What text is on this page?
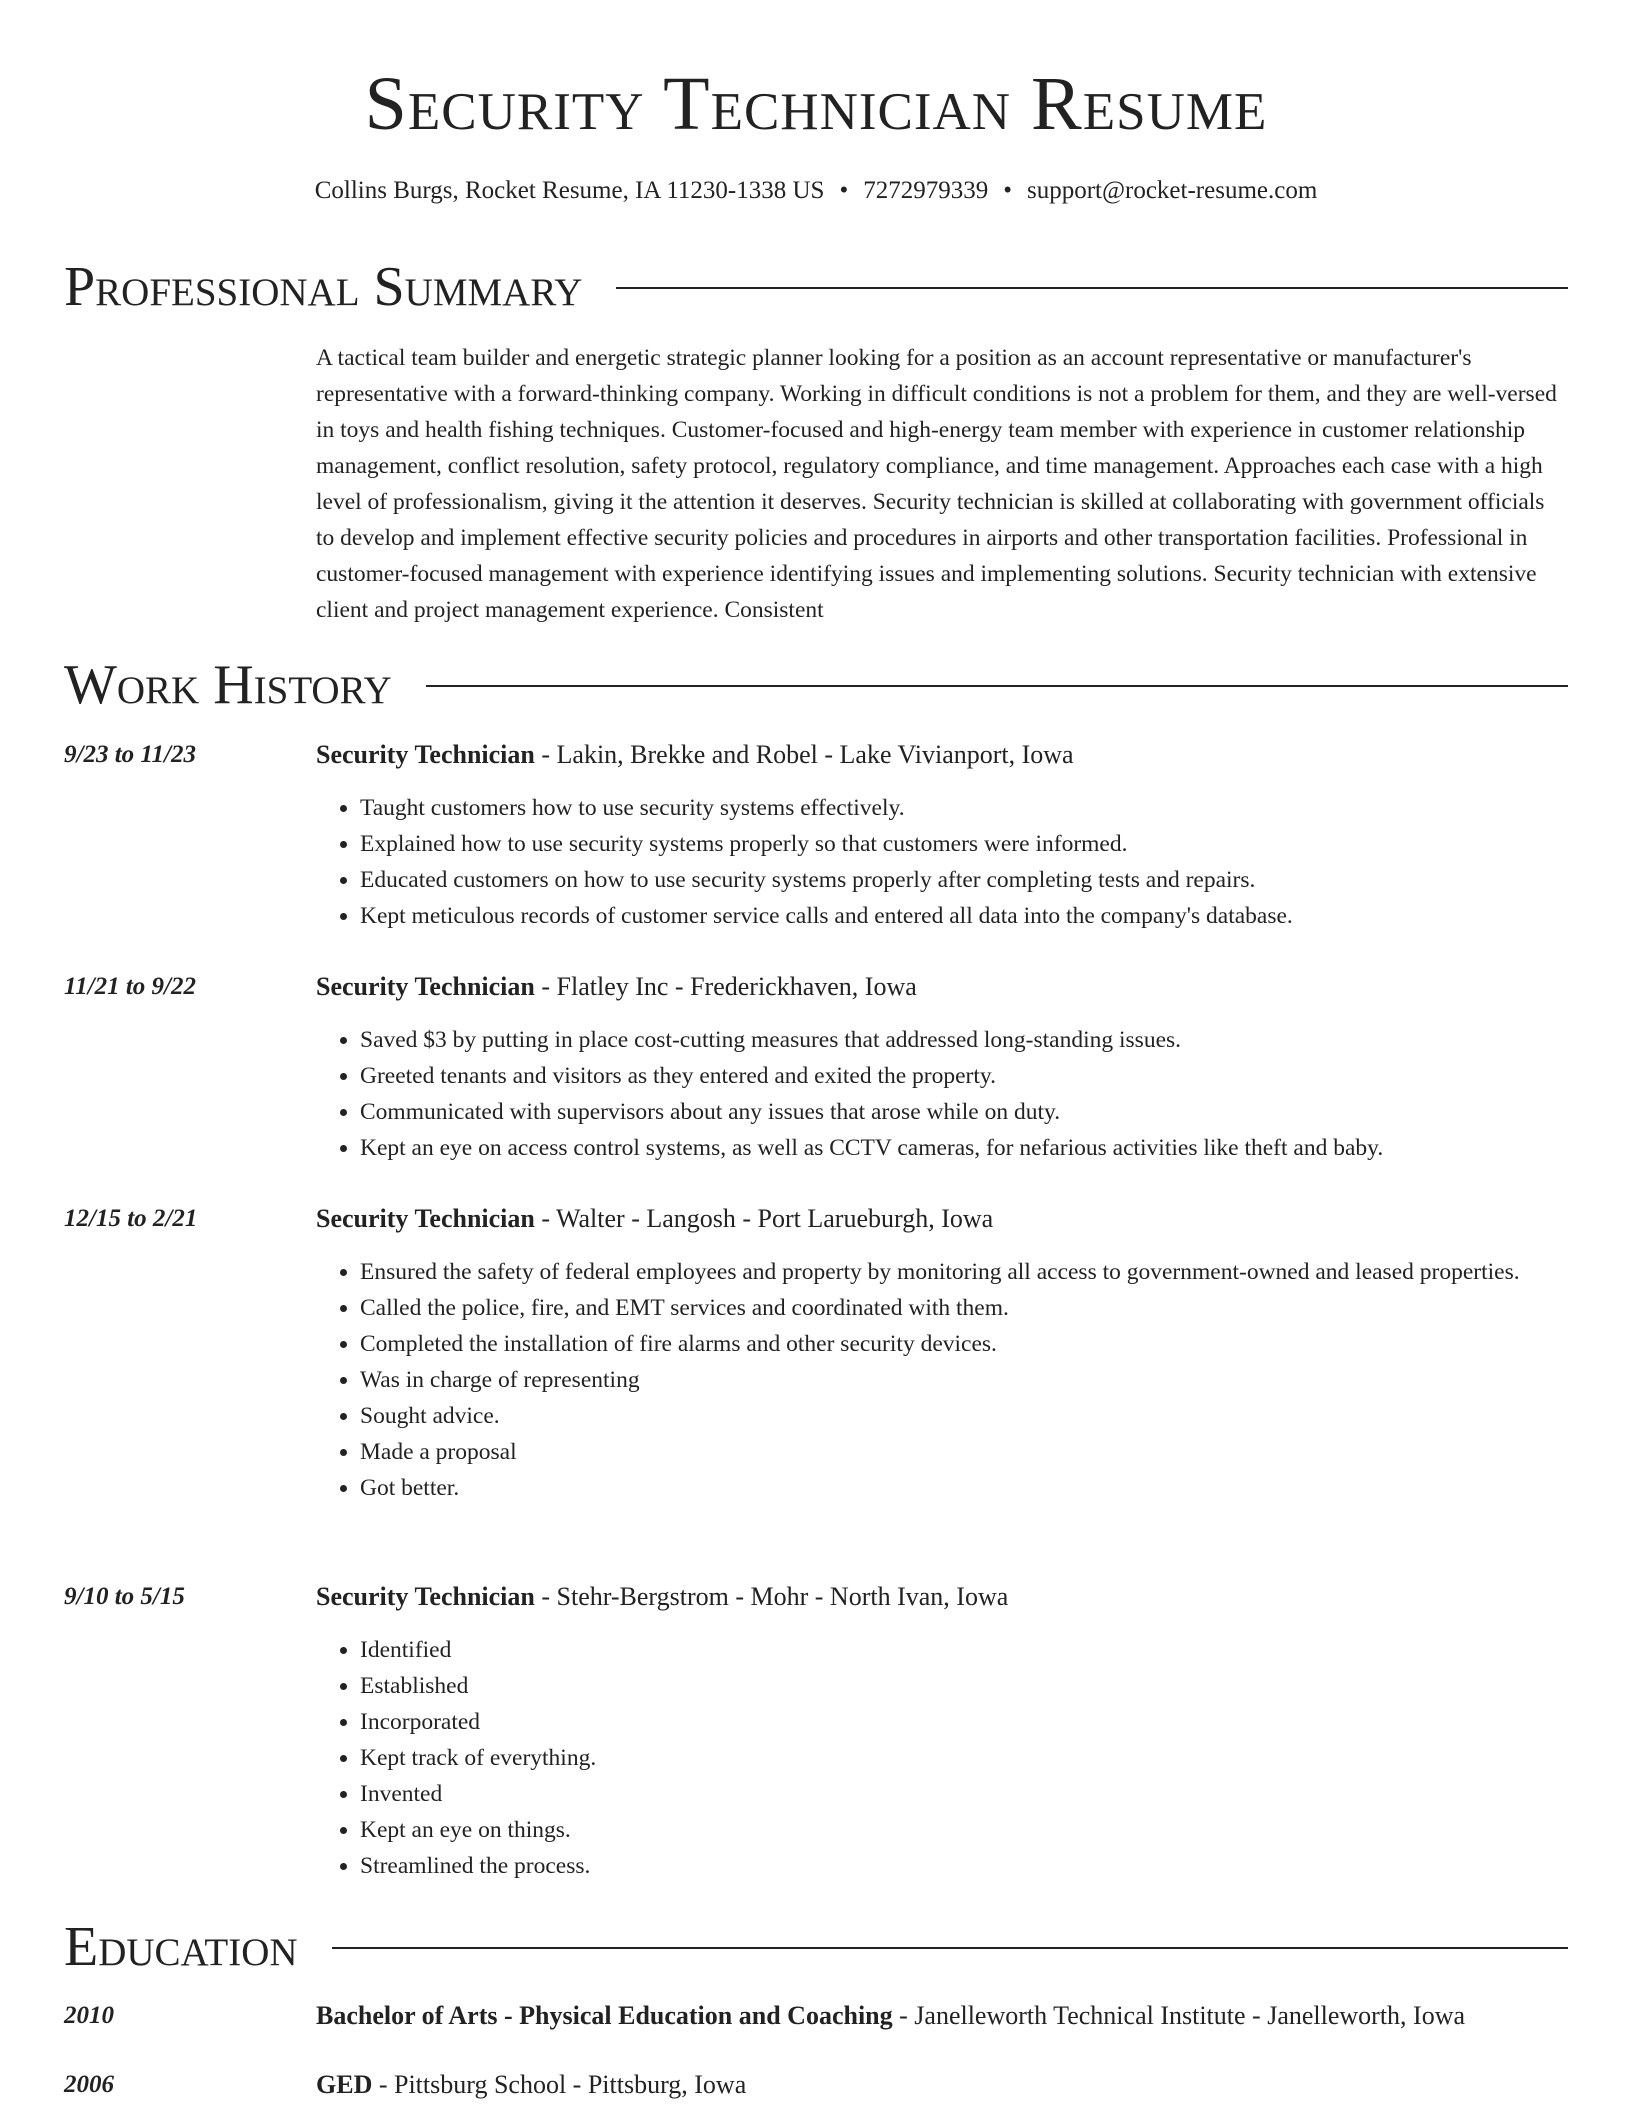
Security Technician Resume
Collins Burgs, Rocket Resume, IA 11230-1338 US • 7272979339 • support@rocket-resume.com
Professional Summary

A tactical team builder and energetic strategic planner looking for a position as an account representative or manufacturer's representative with a forward-thinking company. Working in difficult conditions is not a problem for them, and they are well-versed in toys and health fishing techniques. Customer-focused and high-energy team member with experience in customer relationship management, conflict resolution, safety protocol, regulatory compliance, and time management. Approaches each case with a high level of professionalism, giving it the attention it deserves. Security technician is skilled at collaborating with government officials to develop and implement effective security policies and procedures in airports and other transportation facilities. Professional in customer-focused management with experience identifying issues and implementing solutions. Security technician with extensive client and project management experience. Consistent

Work History
9/23 to 11/23	Security Technician - Lakin, Brekke and Robel - Lake Vivianport, Iowa
• Taught customers how to use security systems effectively.
• Explained how to use security systems properly so that customers were informed.
• Educated customers on how to use security systems properly after completing tests and repairs.
• Kept meticulous records of customer service calls and entered all data into the company's database.
11/21 to 9/22	Security Technician - Flatley Inc - Frederickhaven, Iowa
• Saved $3 by putting in place cost-cutting measures that addressed long-standing issues.
• Greeted tenants and visitors as they entered and exited the property.
• Communicated with supervisors about any issues that arose while on duty.
• Kept an eye on access control systems, as well as CCTV cameras, for nefarious activities like theft and baby.
12/15 to 2/21	Security Technician - Walter - Langosh - Port Larueburgh, Iowa
• Ensured the safety of federal employees and property by monitoring all access to government-owned and leased properties.
• Called the police, fire, and EMT services and coordinated with them.
• Completed the installation of fire alarms and other security devices.
• Was in charge of representing
• Sought advice.
• Made a proposal
• Got better.
9/10 to 5/15	Security Technician - Stehr-Bergstrom - Mohr - North Ivan, Iowa
• Identified
• Established
• Incorporated
• Kept track of everything.
• Invented
• Kept an eye on things.
• Streamlined the process.
Education
2010	Bachelor of Arts - Physical Education and Coaching - Janelleworth Technical Institute - Janelleworth, Iowa
2006	GED - Pittsburg School - Pittsburg, Iowa
